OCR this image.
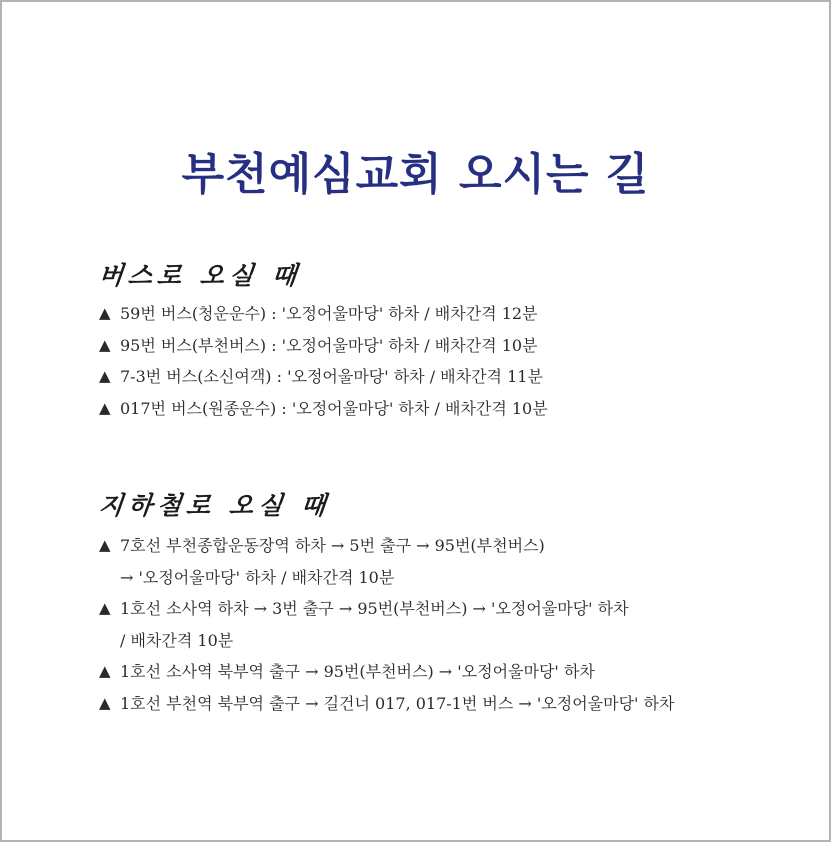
부천예심교회 오시는 길
버스로 오실 때
▲ 59번 버스(청운운수) : '오정어울마당' 하차 / 배차간격 12분
▲ 95번 버스(부천버스) : '오정어울마당' 하차 / 배차간격 10분
▲ 7-3번 버스(소신여객) : '오정어울마당' 하차 / 배차간격 11분
▲ 017번 버스(원종운수) : '오정어울마당' 하차 / 배차간격 10분
지하철로 오실 때
▲ 7호선 부천종합운동장역 하차 → 5번 출구 → 95번(부천버스)
→ '오정어울마당' 하차 / 배차간격 10분
▲ 1호선 소사역 하차 → 3번 출구 → 95번(부천버스) → '오정어울마당' 하차
/ 배차간격 10분
▲ 1호선 소사역 북부역 출구 → 95번(부천버스) → '오정어울마당' 하차
▲ 1호선 부천역 북부역 출구 → 길건너 017, 017-1번 버스 → '오정어울마당' 하차
